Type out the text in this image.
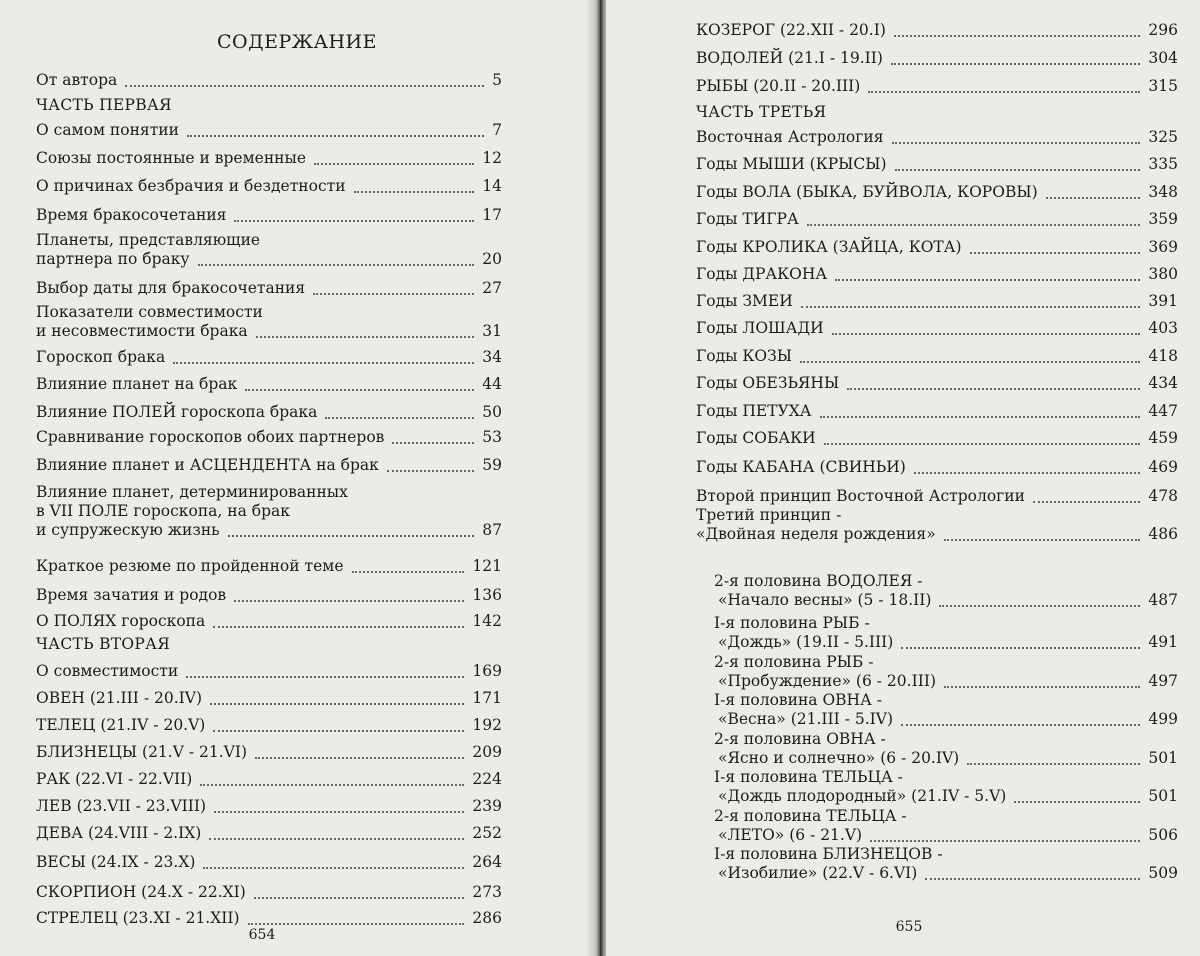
СОДЕРЖАНИЕ
От автора	5
ЧАСТЬ ПЕРВАЯ
О самом понятии	7
Союзы постоянные и временные	12
О причинах безбрачия и бездетности	14
Время бракосочетания	17
Планеты, представляющие
партнера по браку	20
Выбор даты для бракосочетания	27
Показатели совместимости
и несовместимости брака	31
Гороскоп брака	34
Влияние планет на брак	44
Влияние ПОЛЕЙ гороскопа брака	50
Сравнивание гороскопов обоих партнеров	53
Влияние планет и АСЦЕНДЕНТА на брак	59
Влияние планет, детерминированных
в VII ПОЛЕ гороскопа, на брак
и супружескую жизнь	87
Краткое резюме по пройденной теме	121
Время зачатия и родов	136
О ПОЛЯХ гороскопа	142
ЧАСТЬ ВТОРАЯ
О совместимости	169
ОВЕН (21.III - 20.IV)	171
ТЕЛЕЦ (21.IV - 20.V)	192
БЛИЗНЕЦЫ (21.V - 21.VI)	209
РАК (22.VI - 22.VII)	224
ЛЕВ (23.VII - 23.VIII)	239
ДЕВА (24.VIII - 2.IX)	252
ВЕСЫ (24.IX - 23.X)	264
СКОРПИОН (24.X - 22.XI)	273
СТРЕЛЕЦ (23.XI - 21.XII)	286
654
КОЗЕРОГ (22.XII - 20.I)	296
ВОДОЛЕЙ (21.I - 19.II)	304
РЫБЫ (20.II - 20.III)	315
ЧАСТЬ ТРЕТЬЯ
Восточная Астрология	325
Годы МЫШИ (КРЫСЫ)	335
Годы ВОЛА (БЫКА, БУЙВОЛА, КОРОВЫ)	348
Годы ТИГРА	359
Годы КРОЛИКА (ЗАЙЦА, КОТА)	369
Годы ДРАКОНА	380
Годы ЗМЕИ	391
Годы ЛОШАДИ	403
Годы КОЗЫ	418
Годы ОБЕЗЬЯНЫ	434
Годы ПЕТУХА	447
Годы СОБАКИ	459
Годы КАБАНА (СВИНЬИ)	469
Второй принцип Восточной Астрологии	478
Третий принцип -
«Двойная неделя рождения»	486
2-я половина ВОДОЛЕЯ -
«Начало весны» (5 - 18.II)	487
I-я половина РЫБ -
«Дождь» (19.II - 5.III)	491
2-я половина РЫБ -
«Пробуждение» (6 - 20.III)	497
I-я половина ОВНА -
«Весна» (21.III - 5.IV)	499
2-я половина ОВНА -
«Ясно и солнечно» (6 - 20.IV)	501
I-я половина ТЕЛЬЦА -
«Дождь плодородный» (21.IV - 5.V)	501
2-я половина ТЕЛЬЦА -
«ЛЕТО» (6 - 21.V)	506
I-я половина БЛИЗНЕЦОВ -
«Изобилие» (22.V - 6.VI)	509
655
